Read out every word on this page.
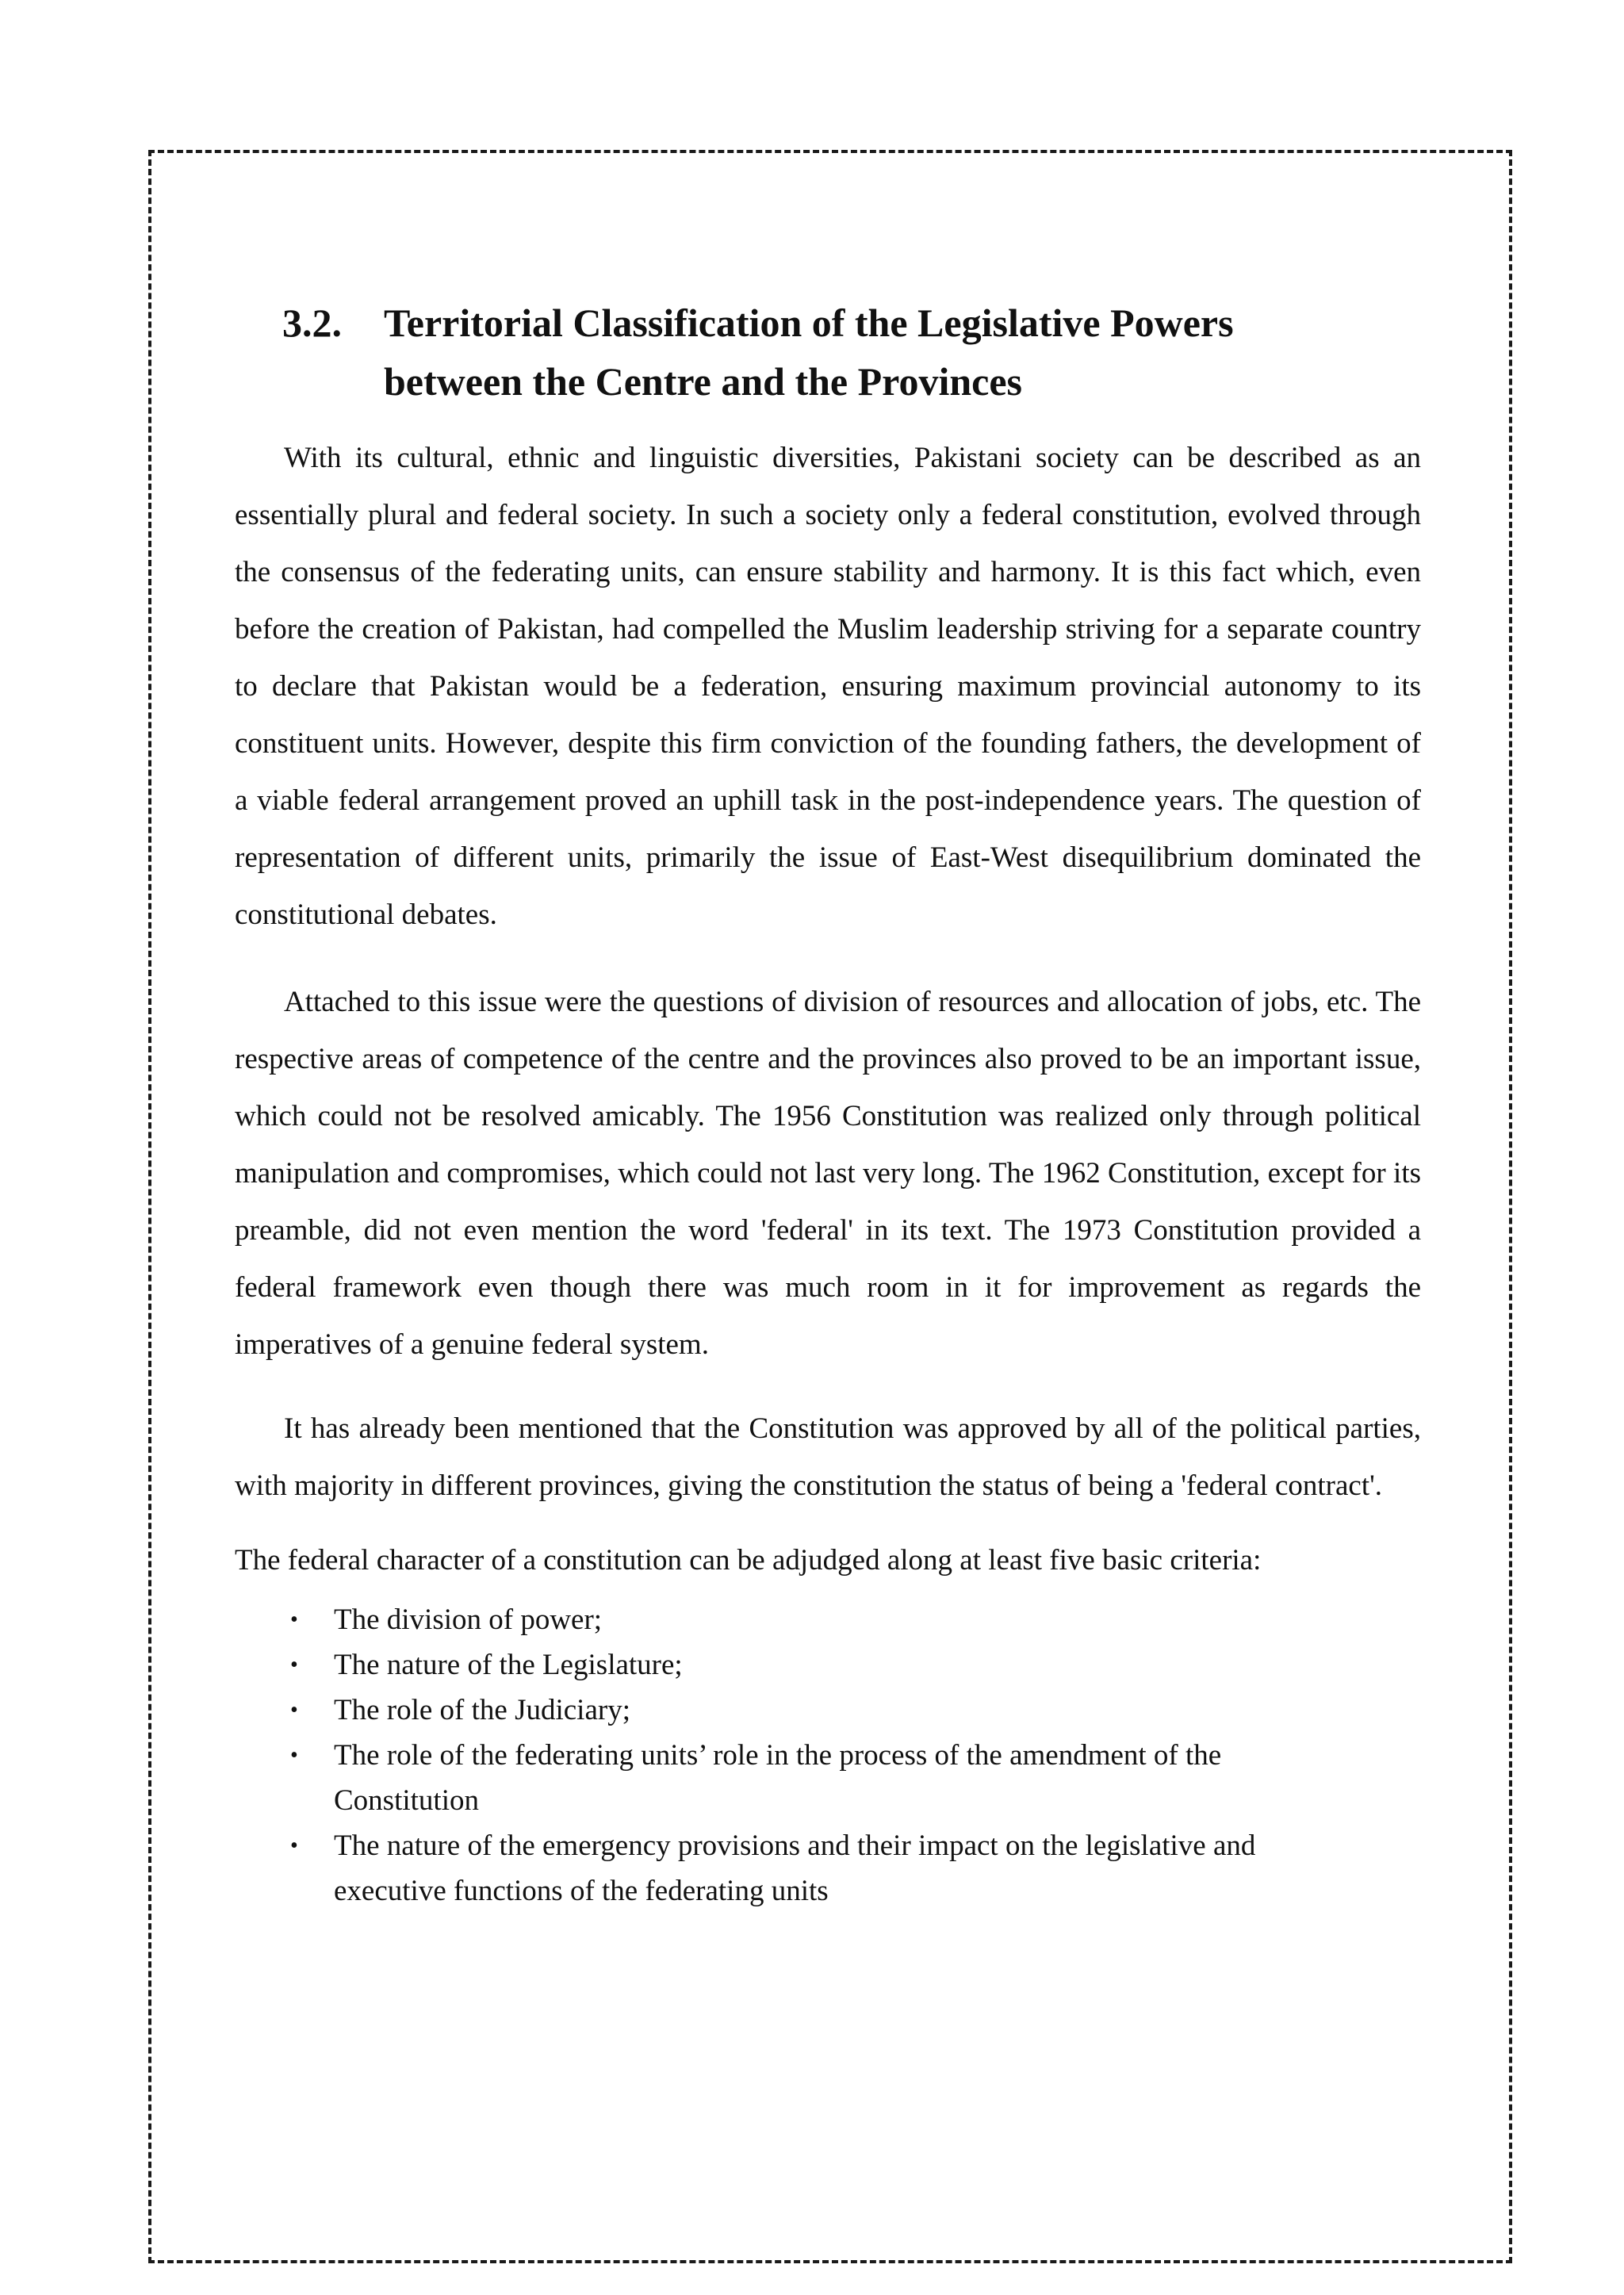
3.2.	Territorial Classification of the Legislative Powers between the Centre and the Provinces

With its cultural, ethnic and linguistic diversities, Pakistani society can be described as an essentially plural and federal society. In such a society only a federal constitution, evolved through the consensus of the federating units, can ensure stability and harmony. It is this fact which, even before the creation of Pakistan, had compelled the Muslim leadership striving for a separate country to declare that Pakistan would be a federation, ensuring maximum provincial autonomy to its constituent units. However, despite this firm conviction of the founding fathers, the development of a viable federal arrangement proved an uphill task in the post-independence years. The question of representation of different units, primarily the issue of East-West disequilibrium dominated the constitutional debates.

Attached to this issue were the questions of division of resources and allocation of jobs, etc. The respective areas of competence of the centre and the provinces also proved to be an important issue, which could not be resolved amicably. The 1956 Constitution was realized only through political manipulation and compromises, which could not last very long. The 1962 Constitution, except for its preamble, did not even mention the word 'federal' in its text. The 1973 Constitution provided a federal framework even though there was much room in it for improvement as regards the imperatives of a genuine federal system.

It has already been mentioned that the Constitution was approved by all of the political parties, with majority in different provinces, giving the constitution the status of being a 'federal contract'.

The federal character of a constitution can be adjudged along at least five basic criteria:

• The division of power;
• The nature of the Legislature;
• The role of the Judiciary;
• The role of the federating units’ role in the process of the amendment of the Constitution
• The nature of the emergency provisions and their impact on the legislative and executive functions of the federating units
